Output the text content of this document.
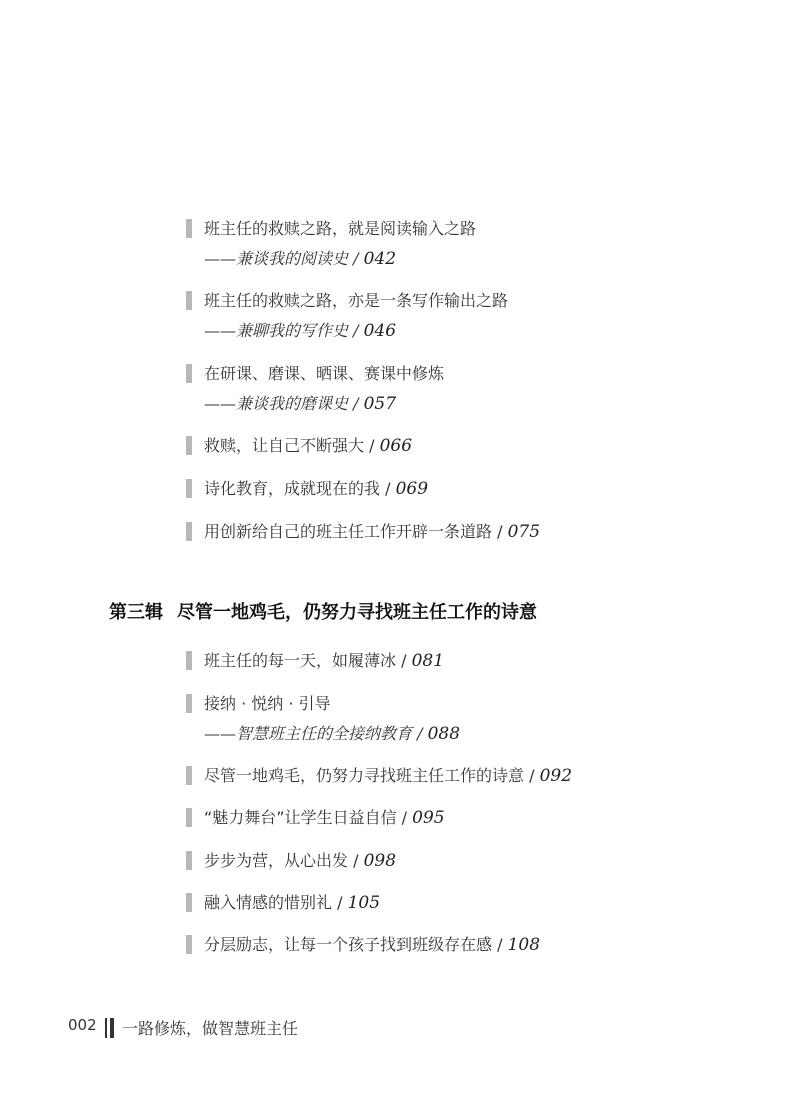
班主任的救赎之路，就是阅读输入之路
——兼谈我的阅读史 / 042
班主任的救赎之路，亦是一条写作输出之路
——兼聊我的写作史 / 046
在研课、磨课、晒课、赛课中修炼
——兼谈我的磨课史 / 057
救赎，让自己不断强大 / 066
诗化教育，成就现在的我 / 069
用创新给自己的班主任工作开辟一条道路 / 075
第三辑 尽管一地鸡毛，仍努力寻找班主任工作的诗意
班主任的每一天，如履薄冰 / 081
接纳 · 悦纳 · 引导
——智慧班主任的全接纳教育 / 088
尽管一地鸡毛，仍努力寻找班主任工作的诗意 / 092
“魅力舞台”让学生日益自信 / 095
步步为营，从心出发 / 098
融入情感的惜别礼 / 105
分层励志，让每一个孩子找到班级存在感 / 108
002 一路修炼，做智慧班主任
